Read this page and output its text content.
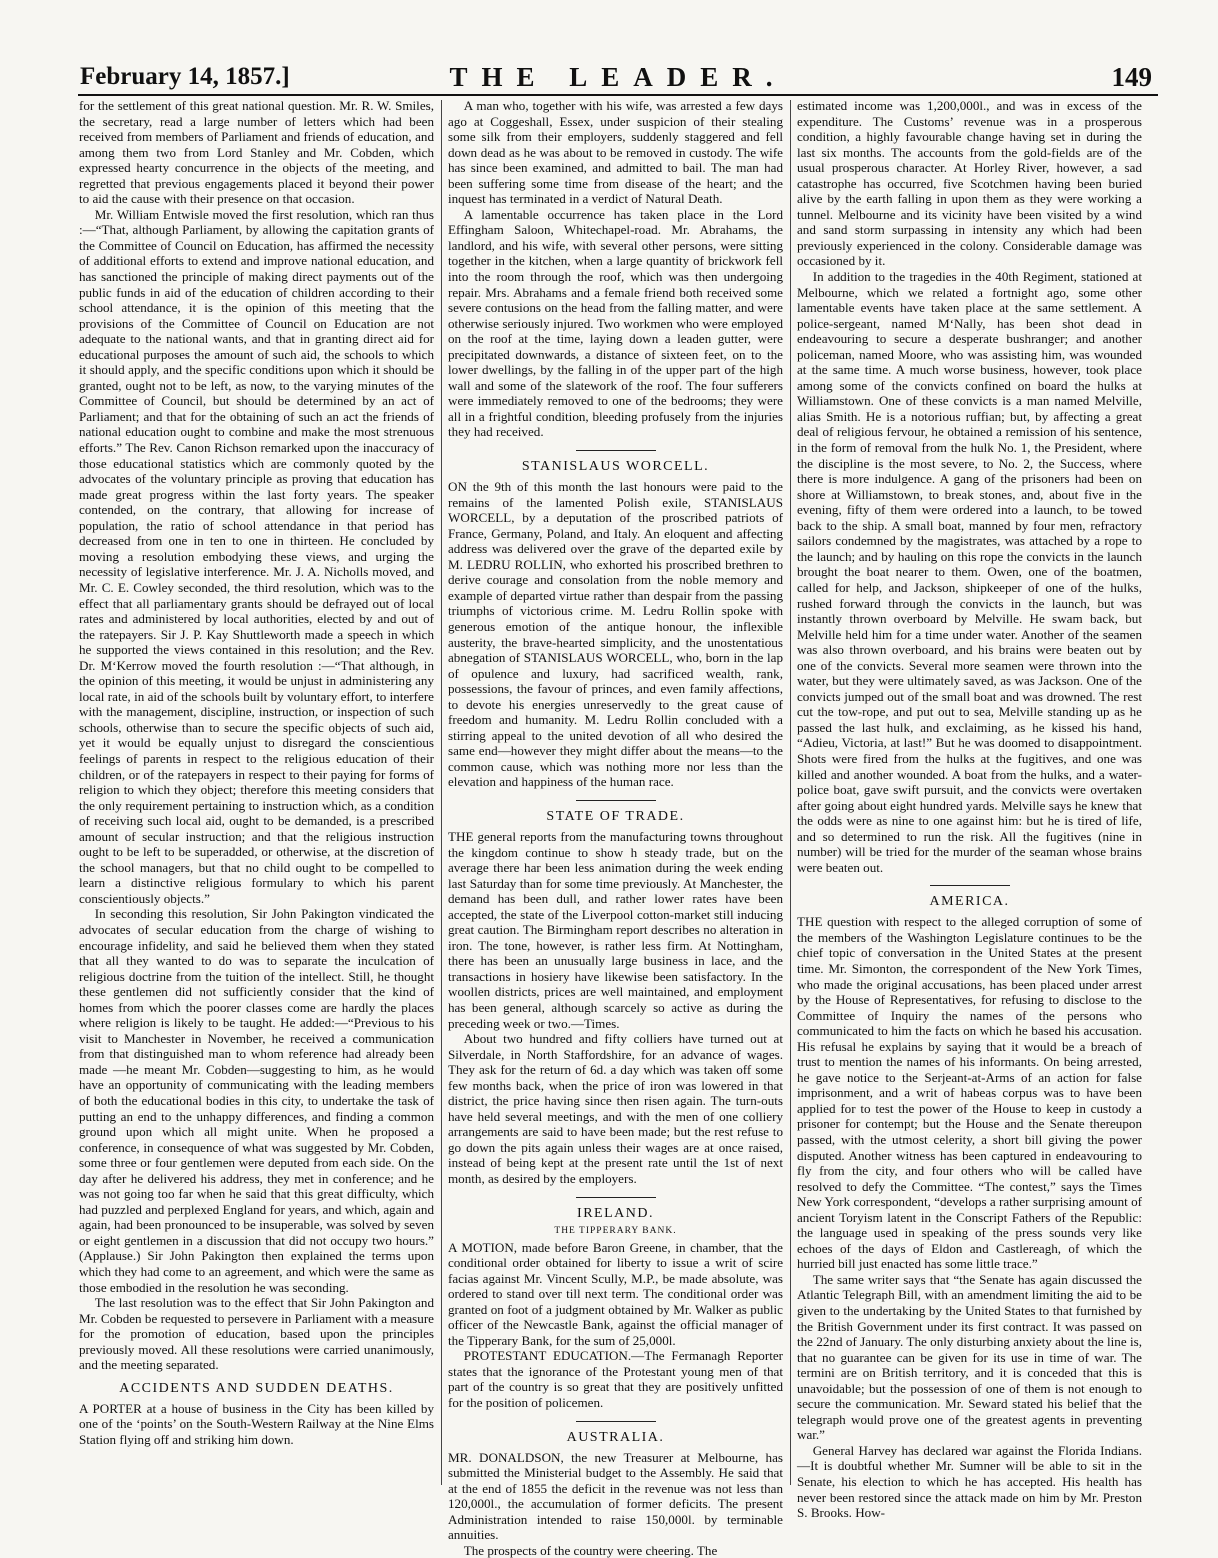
February 14, 1857.]	THE LEADER.	149

for the settlement of this great national question. Mr. R. W. Smiles, the secretary, read a large number of letters which had been received from members of Parliament and friends of education, and among them two from Lord Stanley and Mr. Cobden, which expressed hearty concurrence in the objects of the meeting, and regretted that previous engagements placed it beyond their power to aid the cause with their presence on that occasion.

Mr. William Entwisle moved the first resolution, which ran thus :—“That, although Parliament, by allowing the capitation grants of the Committee of Council on Education, has affirmed the necessity of additional efforts to extend and improve national education, and has sanctioned the principle of making direct payments out of the public funds in aid of the education of children according to their school attendance, it is the opinion of this meeting that the provisions of the Committee of Council on Education are not adequate to the national wants, and that in granting direct aid for educational purposes the amount of such aid, the schools to which it should apply, and the specific conditions upon which it should be granted, ought not to be left, as now, to the varying minutes of the Committee of Council, but should be determined by an act of Parliament; and that for the obtaining of such an act the friends of national education ought to combine and make the most strenuous efforts.” The Rev. Canon Richson remarked upon the inaccuracy of those educational statistics which are commonly quoted by the advocates of the voluntary principle as proving that education has made great progress within the last forty years. The speaker contended, on the contrary, that allowing for increase of population, the ratio of school attendance in that period has decreased from one in ten to one in thirteen. He concluded by moving a resolution embodying these views, and urging the necessity of legislative interference. Mr. J. A. Nicholls moved, and Mr. C. E. Cowley seconded, the third resolution, which was to the effect that all parliamentary grants should be defrayed out of local rates and administered by local authorities, elected by and out of the ratepayers. Sir J. P. Kay Shuttleworth made a speech in which he supported the views contained in this resolution; and the Rev. Dr. M‘Kerrow moved the fourth resolution :—“That although, in the opinion of this meeting, it would be unjust in administering any local rate, in aid of the schools built by voluntary effort, to interfere with the management, discipline, instruction, or inspection of such schools, otherwise than to secure the specific objects of such aid, yet it would be equally unjust to disregard the conscientious feelings of parents in respect to the religious education of their children, or of the ratepayers in respect to their paying for forms of religion to which they object; therefore this meeting considers that the only requirement pertaining to instruction which, as a condition of receiving such local aid, ought to be demanded, is a prescribed amount of secular instruction; and that the religious instruction ought to be left to be superadded, or otherwise, at the discretion of the school managers, but that no child ought to be compelled to learn a distinctive religious formulary to which his parent conscientiously objects.”

In seconding this resolution, Sir John Pakington vindicated the advocates of secular education from the charge of wishing to encourage infidelity, and said he believed them when they stated that all they wanted to do was to separate the inculcation of religious doctrine from the tuition of the intellect. Still, he thought these gentlemen did not sufficiently consider that the kind of homes from which the poorer classes come are hardly the places where religion is likely to be taught. He added:—“Previous to his visit to Manchester in November, he received a communication from that distinguished man to whom reference had already been made —he meant Mr. Cobden—suggesting to him, as he would have an opportunity of communicating with the leading members of both the educational bodies in this city, to undertake the task of putting an end to the unhappy differences, and finding a common ground upon which all might unite. When he proposed a conference, in consequence of what was suggested by Mr. Cobden, some three or four gentlemen were deputed from each side. On the day after he delivered his address, they met in conference; and he was not going too far when he said that this great difficulty, which had puzzled and perplexed England for years, and which, again and again, had been pronounced to be insuperable, was solved by seven or eight gentlemen in a discussion that did not occupy two hours.” (Applause.) Sir John Pakington then explained the terms upon which they had come to an agreement, and which were the same as those embodied in the resolution he was seconding.

The last resolution was to the effect that Sir John Pakington and Mr. Cobden be requested to persevere in Parliament with a measure for the promotion of education, based upon the principles previously moved. All these resolutions were carried unanimously, and the meeting separated.

ACCIDENTS AND SUDDEN DEATHS.

A PORTER at a house of business in the City has been killed by one of the ‘points’ on the South-Western Railway at the Nine Elms Station flying off and striking him down.

A man who, together with his wife, was arrested a few days ago at Coggeshall, Essex, under suspicion of their stealing some silk from their employers, suddenly staggered and fell down dead as he was about to be removed in custody. The wife has since been examined, and admitted to bail. The man had been suffering some time from disease of the heart; and the inquest has terminated in a verdict of Natural Death.

A lamentable occurrence has taken place in the Lord Effingham Saloon, Whitechapel-road. Mr. Abrahams, the landlord, and his wife, with several other persons, were sitting together in the kitchen, when a large quantity of brickwork fell into the room through the roof, which was then undergoing repair. Mrs. Abrahams and a female friend both received some severe contusions on the head from the falling matter, and were otherwise seriously injured. Two workmen who were employed on the roof at the time, laying down a leaden gutter, were precipitated downwards, a distance of sixteen feet, on to the lower dwellings, by the falling in of the upper part of the high wall and some of the slatework of the roof. The four sufferers were immediately removed to one of the bedrooms; they were all in a frightful condition, bleeding profusely from the injuries they had received.

STANISLAUS WORCELL.

ON the 9th of this month the last honours were paid to the remains of the lamented Polish exile, STANISLAUS WORCELL, by a deputation of the proscribed patriots of France, Germany, Poland, and Italy. An eloquent and affecting address was delivered over the grave of the departed exile by M. LEDRU ROLLIN, who exhorted his proscribed brethren to derive courage and consolation from the noble memory and example of departed virtue rather than despair from the passing triumphs of victorious crime. M. Ledru Rollin spoke with generous emotion of the antique honour, the inflexible austerity, the brave-hearted simplicity, and the unostentatious abnegation of STANISLAUS WORCELL, who, born in the lap of opulence and luxury, had sacrificed wealth, rank, possessions, the favour of princes, and even family affections, to devote his energies unreservedly to the great cause of freedom and humanity. M. Ledru Rollin concluded with a stirring appeal to the united devotion of all who desired the same end—however they might differ about the means—to the common cause, which was nothing more nor less than the elevation and happiness of the human race.

STATE OF TRADE.

THE general reports from the manufacturing towns throughout the kingdom continue to show h steady trade, but on the average there har been less animation during the week ending last Saturday than for some time previously. At Manchester, the demand has been dull, and rather lower rates have been accepted, the state of the Liverpool cotton-market still inducing great caution. The Birmingham report describes no alteration in iron. The tone, however, is rather less firm. At Nottingham, there has been an unusually large business in lace, and the transactions in hosiery have likewise been satisfactory. In the woollen districts, prices are well maintained, and employment has been general, although scarcely so active as during the preceding week or two.—Times.

About two hundred and fifty colliers have turned out at Silverdale, in North Staffordshire, for an advance of wages. They ask for the return of 6d. a day which was taken off some few months back, when the price of iron was lowered in that district, the price having since then risen again. The turn-outs have held several meetings, and with the men of one colliery arrangements are said to have been made; but the rest refuse to go down the pits again unless their wages are at once raised, instead of being kept at the present rate until the 1st of next month, as desired by the employers.

IRELAND.
THE TIPPERARY BANK.

A MOTION, made before Baron Greene, in chamber, that the conditional order obtained for liberty to issue a writ of scire facias against Mr. Vincent Scully, M.P., be made absolute, was ordered to stand over till next term. The conditional order was granted on foot of a judgment obtained by Mr. Walker as public officer of the Newcastle Bank, against the official manager of the Tipperary Bank, for the sum of 25,000l.

PROTESTANT EDUCATION.—The Fermanagh Reporter states that the ignorance of the Protestant young men of that part of the country is so great that they are positively unfitted for the position of policemen.

AUSTRALIA.

MR. DONALDSON, the new Treasurer at Melbourne, has submitted the Ministerial budget to the Assembly. He said that at the end of 1855 the deficit in the revenue was not less than 120,000l., the accumulation of former deficits. The present Administration intended to raise 150,000l. by terminable annuities.

The prospects of the country were cheering. The

estimated income was 1,200,000l., and was in excess of the expenditure. The Customs’ revenue was in a prosperous condition, a highly favourable change having set in during the last six months. The accounts from the gold-fields are of the usual prosperous character. At Horley River, however, a sad catastrophe has occurred, five Scotchmen having been buried alive by the earth falling in upon them as they were working a tunnel. Melbourne and its vicinity have been visited by a wind and sand storm surpassing in intensity any which had been previously experienced in the colony. Considerable damage was occasioned by it.

In addition to the tragedies in the 40th Regiment, stationed at Melbourne, which we related a fortnight ago, some other lamentable events have taken place at the same settlement. A police-sergeant, named M‘Nally, has been shot dead in endeavouring to secure a desperate bushranger; and another policeman, named Moore, who was assisting him, was wounded at the same time. A much worse business, however, took place among some of the convicts confined on board the hulks at Williamstown. One of these convicts is a man named Melville, alias Smith. He is a notorious ruffian; but, by affecting a great deal of religious fervour, he obtained a remission of his sentence, in the form of removal from the hulk No. 1, the President, where the discipline is the most severe, to No. 2, the Success, where there is more indulgence. A gang of the prisoners had been on shore at Williamstown, to break stones, and, about five in the evening, fifty of them were ordered into a launch, to be towed back to the ship. A small boat, manned by four men, refractory sailors condemned by the magistrates, was attached by a rope to the launch; and by hauling on this rope the convicts in the launch brought the boat nearer to them. Owen, one of the boatmen, called for help, and Jackson, shipkeeper of one of the hulks, rushed forward through the convicts in the launch, but was instantly thrown overboard by Melville. He swam back, but Melville held him for a time under water. Another of the seamen was also thrown overboard, and his brains were beaten out by one of the convicts. Several more seamen were thrown into the water, but they were ultimately saved, as was Jackson. One of the convicts jumped out of the small boat and was drowned. The rest cut the tow-rope, and put out to sea, Melville standing up as he passed the last hulk, and exclaiming, as he kissed his hand, “Adieu, Victoria, at last!” But he was doomed to disappointment. Shots were fired from the hulks at the fugitives, and one was killed and another wounded. A boat from the hulks, and a water-police boat, gave swift pursuit, and the convicts were overtaken after going about eight hundred yards. Melville says he knew that the odds were as nine to one against him: but he is tired of life, and so determined to run the risk. All the fugitives (nine in number) will be tried for the murder of the seaman whose brains were beaten out.

AMERICA.

THE question with respect to the alleged corruption of some of the members of the Washington Legislature continues to be the chief topic of conversation in the United States at the present time. Mr. Simonton, the correspondent of the New York Times, who made the original accusations, has been placed under arrest by the House of Representatives, for refusing to disclose to the Committee of Inquiry the names of the persons who communicated to him the facts on which he based his accusation. His refusal he explains by saying that it would be a breach of trust to mention the names of his informants. On being arrested, he gave notice to the Serjeant-at-Arms of an action for false imprisonment, and a writ of habeas corpus was to have been applied for to test the power of the House to keep in custody a prisoner for contempt; but the House and the Senate thereupon passed, with the utmost celerity, a short bill giving the power disputed. Another witness has been captured in endeavouring to fly from the city, and four others who will be called have resolved to defy the Committee. “The contest,” says the Times New York correspondent, “develops a rather surprising amount of ancient Toryism latent in the Conscript Fathers of the Republic: the language used in speaking of the press sounds very like echoes of the days of Eldon and Castlereagh, of which the hurried bill just enacted has some little trace.”

The same writer says that “the Senate has again discussed the Atlantic Telegraph Bill, with an amendment limiting the aid to be given to the undertaking by the United States to that furnished by the British Government under its first contract. It was passed on the 22nd of January. The only disturbing anxiety about the line is, that no guarantee can be given for its use in time of war. The termini are on British territory, and it is conceded that this is unavoidable; but the possession of one of them is not enough to secure the communication. Mr. Seward stated his belief that the telegraph would prove one of the greatest agents in preventing war.”

General Harvey has declared war against the Florida Indians.—It is doubtful whether Mr. Sumner will be able to sit in the Senate, his election to which he has accepted. His health has never been restored since the attack made on him by Mr. Preston S. Brooks. How-
